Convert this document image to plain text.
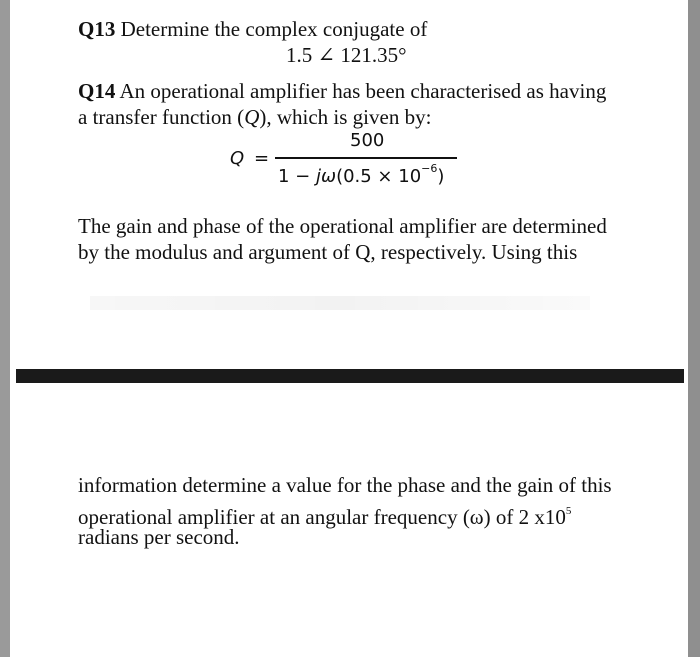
Q13 Determine the complex conjugate of
1.5 ∠ 121.35°
Q14 An operational amplifier has been characterised as having
a transfer function (Q), which is given by:
Q =
500
$1 - j\omega(0.5 \times 10^{-6})$
The gain and phase of the operational amplifier are determined
by the modulus and argument of Q, respectively. Using this
information determine a value for the phase and the gain of this
operational amplifier at an angular frequency (ω) of 2 $x10^5$
radians per second.
